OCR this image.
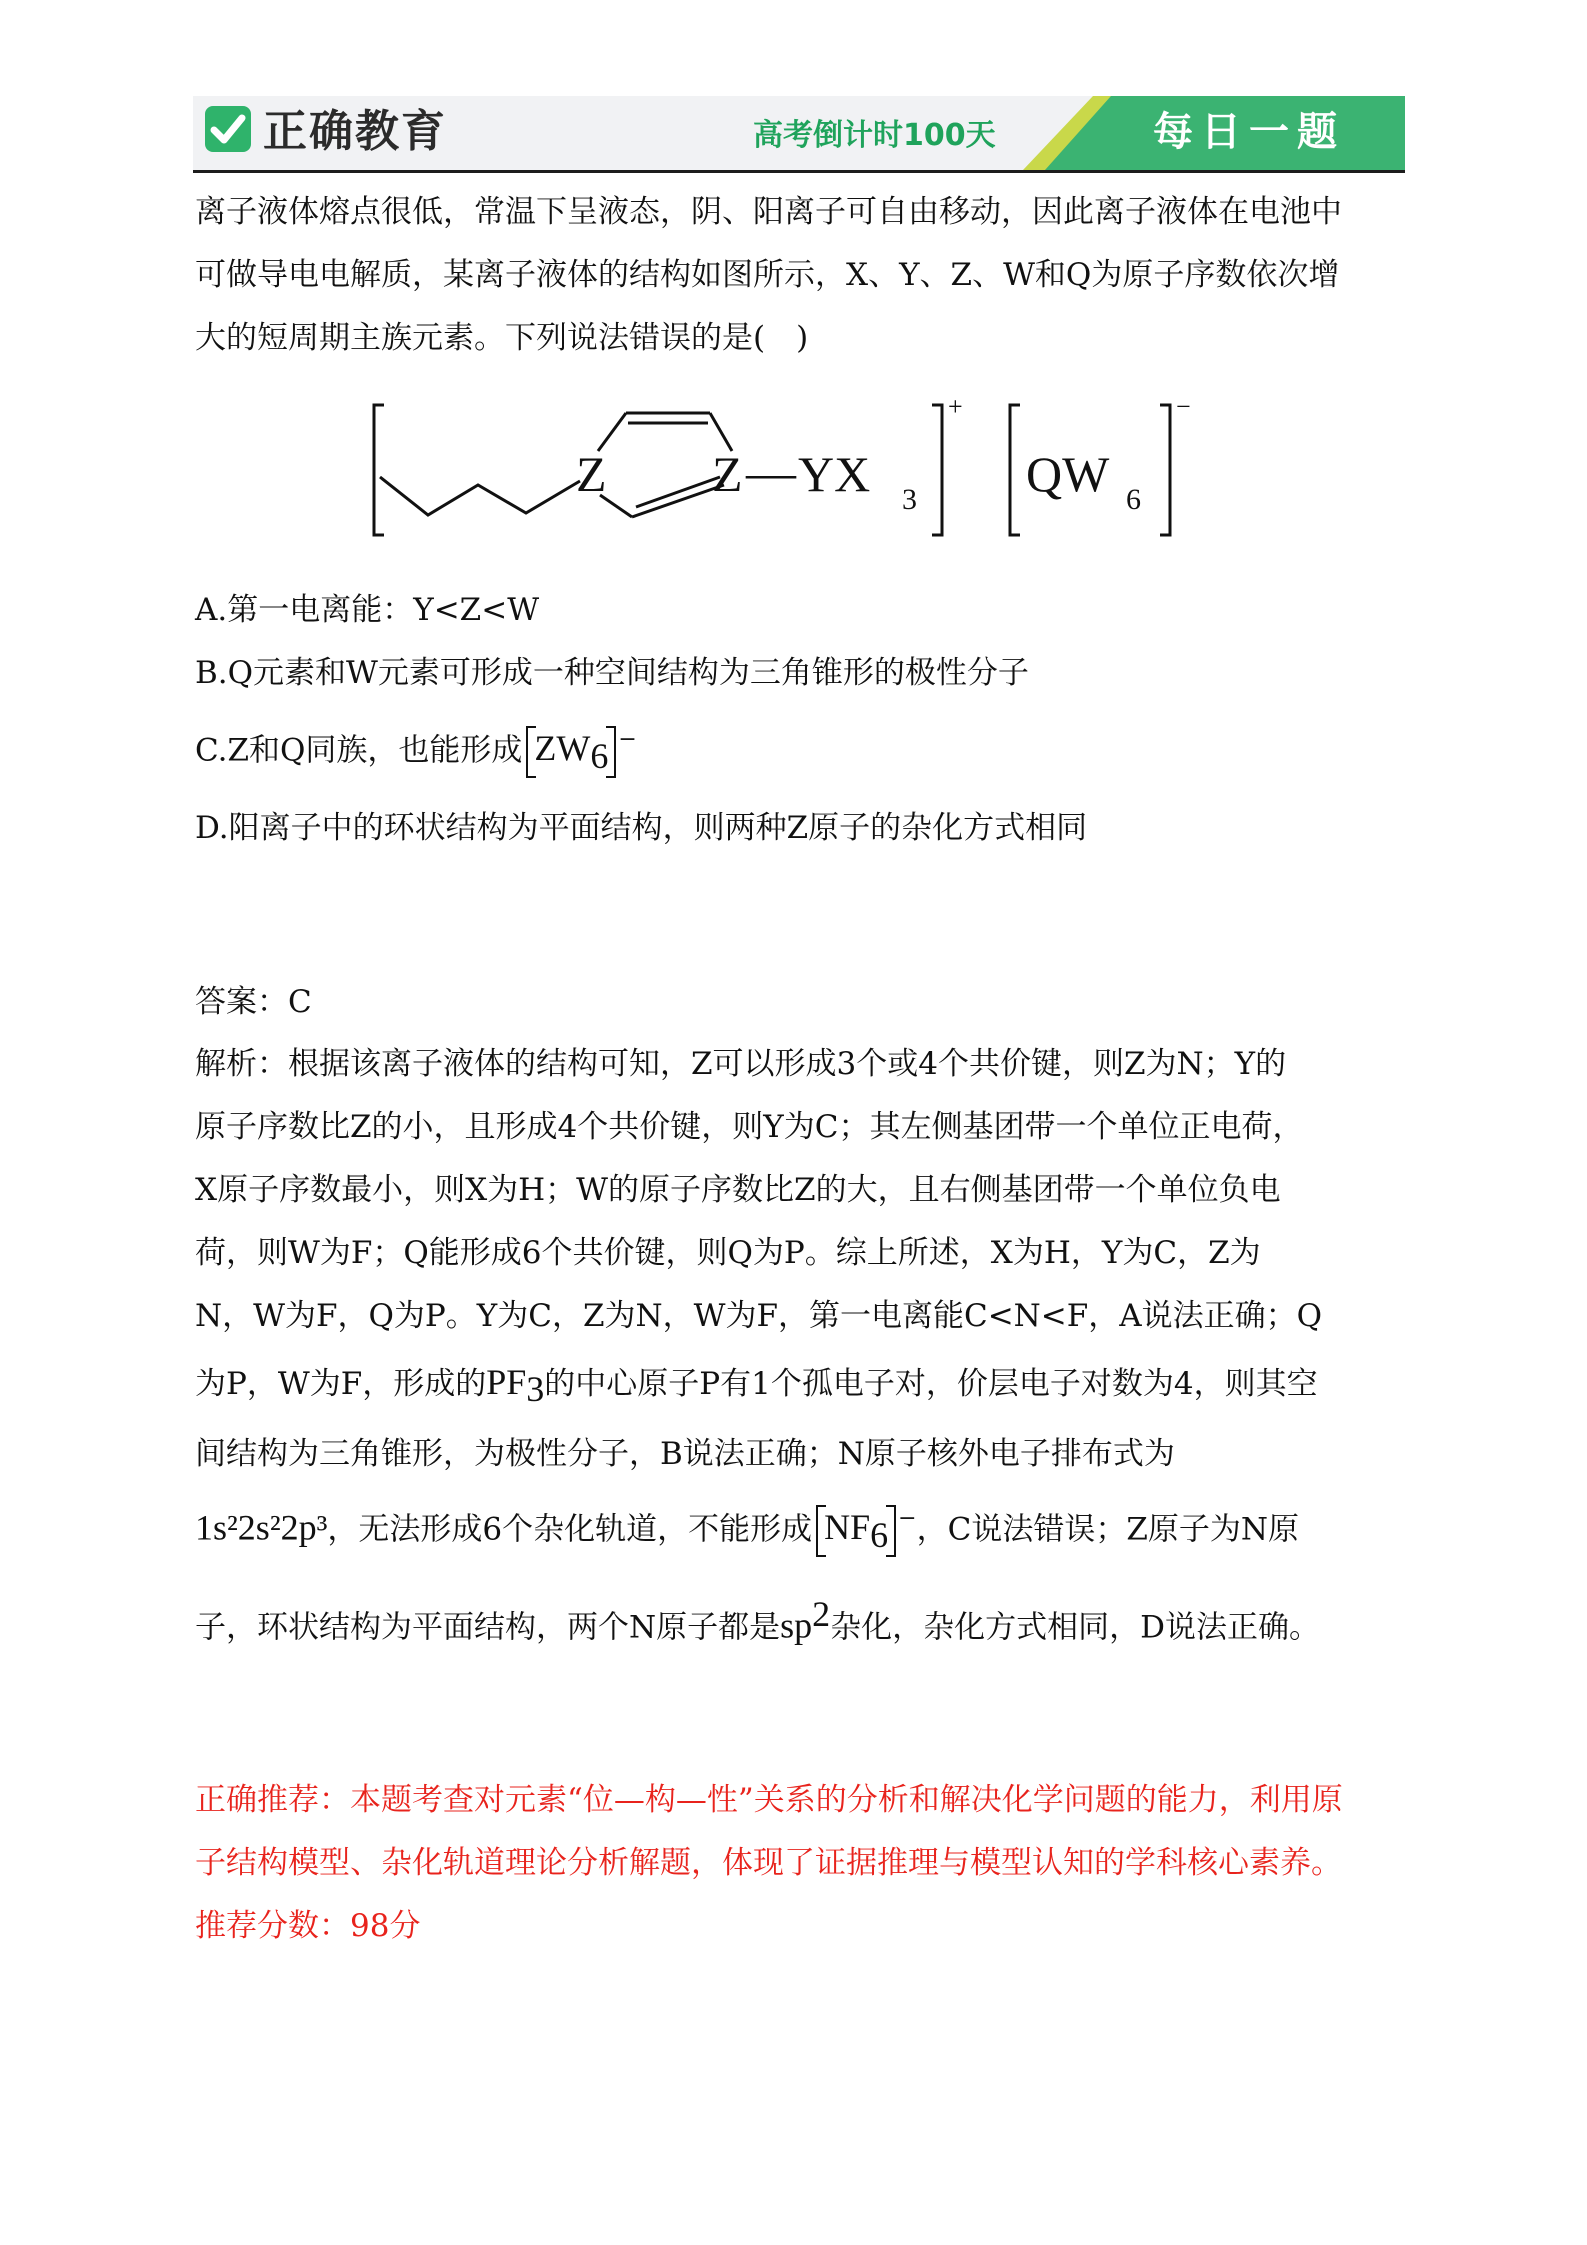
正确教育	高考倒计时100天	每日一题
离子液体熔点很低，常温下呈液态，阴、阳离子可自由移动，因此离子液体在电池中
可做导电电解质，某离子液体的结构如图所示，X、Y、Z、W和Q为原子序数依次增
大的短周期主族元素。下列说法错误的是(　)
Z Z — YX 3
+
QW 6
−
A.第一电离能：Y<Z<W
B.Q元素和W元素可形成一种空间结构为三角锥形的极性分子
C.Z和Q同族，也能形成 $ZW_6$ −
D.阳离子中的环状结构为平面结构，则两种Z原子的杂化方式相同
答案：C
解析：根据该离子液体的结构可知，Z可以形成3个或4个共价键，则Z为N；Y的
原子序数比Z的小，且形成4个共价键，则Y为C；其左侧基团带一个单位正电荷，
X原子序数最小，则X为H；W的原子序数比Z的大，且右侧基团带一个单位负电
荷，则W为F；Q能形成6个共价键，则Q为P。综上所述，X为H，Y为C，Z为
N，W为F，Q为P。Y为C，Z为N，W为F，第一电离能C<N<F，A说法正确；Q
为P，W为F，形成的$PF_3$的中心原子P有1个孤电子对，价层电子对数为4，则其空
间结构为三角锥形，为极性分子，B说法正确；N原子核外电子排布式为
1s²2s²2p³，无法形成6个杂化轨道，不能形成 $NF_6$ −，C说法错误；Z原子为N原
子，环状结构为平面结构，两个N原子都是$sp^2$杂化，杂化方式相同，D说法正确。
正确推荐：本题考查对元素“位—构—性”关系的分析和解决化学问题的能力，利用原
子结构模型、杂化轨道理论分析解题，体现了证据推理与模型认知的学科核心素养。
推荐分数：98分
